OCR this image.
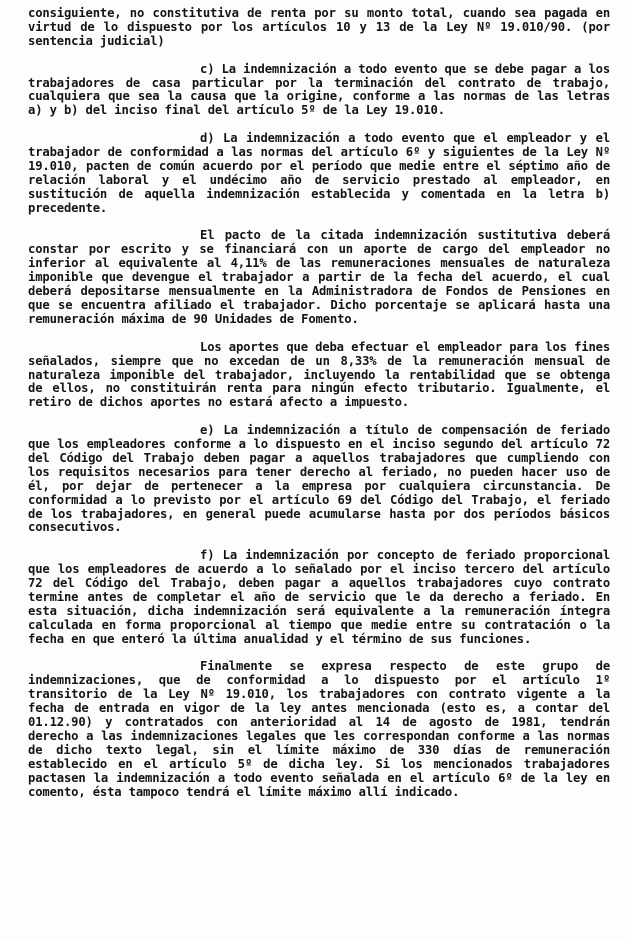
consiguiente, no constitutiva de renta por su monto total, cuando sea pagada en virtud de lo dispuesto por los artículos 10 y 13 de la Ley Nº 19.010/90. (por sentencia judicial)

c) La indemnización a todo evento que se debe pagar a los trabajadores de casa particular por la terminación del contrato de trabajo, cualquiera que sea la causa que la origine, conforme a las normas de las letras a) y b) del inciso final del artículo 5º de la Ley 19.010.

d) La indemnización a todo evento que el empleador y el trabajador de conformidad a las normas del artículo 6º y siguientes de la Ley Nº 19.010, pacten de común acuerdo por el período que medie entre el séptimo año de relación laboral y el undécimo año de servicio prestado al empleador, en sustitución de aquella indemnización establecida y comentada en la letra b) precedente.

El pacto de la citada indemnización sustitutiva deberá constar por escrito y se financiará con un aporte de cargo del empleador no inferior al equivalente al 4,11% de las remuneraciones mensuales de naturaleza imponible que devengue el trabajador a partir de la fecha del acuerdo, el cual deberá depositarse mensualmente en la Administradora de Fondos de Pensiones en que se encuentra afiliado el trabajador. Dicho porcentaje se aplicará hasta una remuneración máxima de 90 Unidades de Fomento.

Los aportes que deba efectuar el empleador para los fines señalados, siempre que no excedan de un 8,33% de la remuneración mensual de naturaleza imponible del trabajador, incluyendo la rentabilidad que se obtenga de ellos, no constituirán renta para ningún efecto tributario. Igualmente, el retiro de dichos aportes no estará afecto a impuesto.

e) La indemnización a título de compensación de feriado que los empleadores conforme a lo dispuesto en el inciso segundo del artículo 72 del Código del Trabajo deben pagar a aquellos trabajadores que cumpliendo con los requisitos necesarios para tener derecho al feriado, no pueden hacer uso de él, por dejar de pertenecer a la empresa por cualquiera circunstancia. De conformidad a lo previsto por el artículo 69 del Código del Trabajo, el feriado de los trabajadores, en general puede acumularse hasta por dos períodos básicos consecutivos.

f) La indemnización por concepto de feriado proporcional que los empleadores de acuerdo a lo señalado por el inciso tercero del artículo 72 del Código del Trabajo, deben pagar a aquellos trabajadores cuyo contrato termine antes de completar el año de servicio que le da derecho a feriado. En esta situación, dicha indemnización será equivalente a la remuneración íntegra calculada en forma proporcional al tiempo que medie entre su contratación o la fecha en que enteró la última anualidad y el término de sus funciones.

Finalmente se expresa respecto de este grupo de indemnizaciones, que de conformidad a lo dispuesto por el artículo 1º transitorio de la Ley Nº 19.010, los trabajadores con contrato vigente a la fecha de entrada en vigor de la ley antes mencionada (esto es, a contar del 01.12.90) y contratados con anterioridad al 14 de agosto de 1981, tendrán derecho a las indemnizaciones legales que les correspondan conforme a las normas de dicho texto legal, sin el límite máximo de 330 días de remuneración establecido en el artículo 5º de dicha ley. Si los mencionados trabajadores pactasen la indemnización a todo evento señalada en el artículo 6º de la ley en comento, ésta tampoco tendrá el límite máximo allí indicado.
